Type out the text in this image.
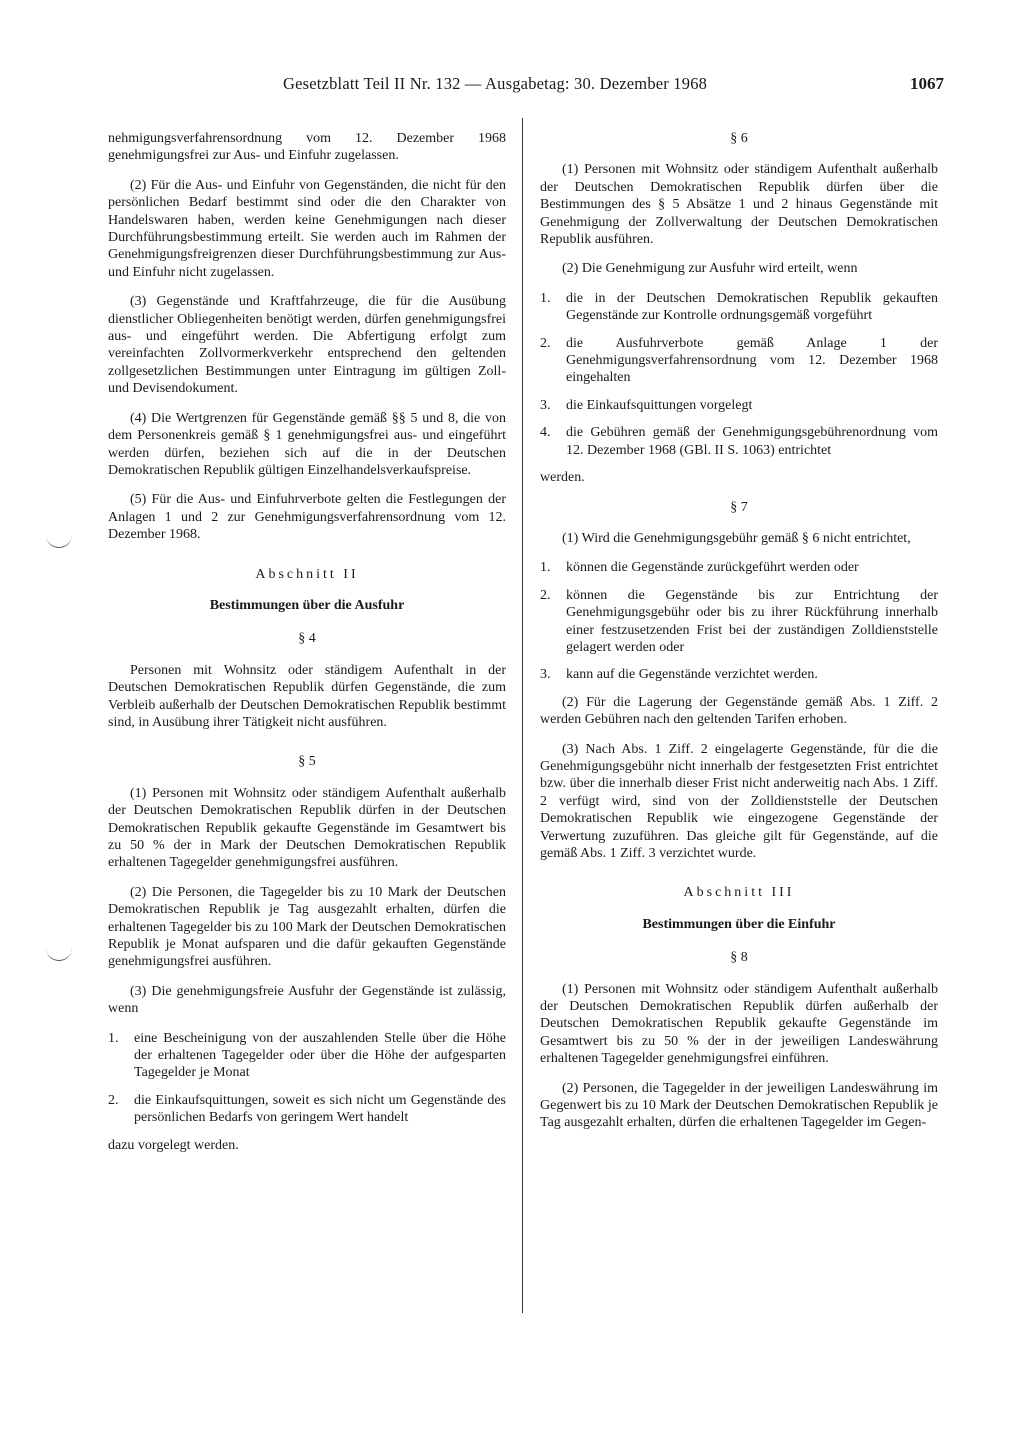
Gesetzblatt Teil II Nr. 132 — Ausgabetag: 30. Dezember 1968	1067

nehmigungsverfahrensordnung vom 12. Dezember 1968 genehmigungsfrei zur Aus- und Einfuhr zugelassen.

(2) Für die Aus- und Einfuhr von Gegenständen, die nicht für den persönlichen Bedarf bestimmt sind oder die den Charakter von Handelswaren haben, werden keine Genehmigungen nach dieser Durchführungsbestimmung erteilt. Sie werden auch im Rahmen der Genehmigungsfreigrenzen dieser Durchführungsbestimmung zur Aus- und Einfuhr nicht zugelassen.

(3) Gegenstände und Kraftfahrzeuge, die für die Ausübung dienstlicher Obliegenheiten benötigt werden, dürfen genehmigungsfrei aus- und eingeführt werden. Die Abfertigung erfolgt zum vereinfachten Zollvormerkverkehr entsprechend den geltenden zollgesetzlichen Bestimmungen unter Eintragung im gültigen Zoll- und Devisendokument.

(4) Die Wertgrenzen für Gegenstände gemäß §§ 5 und 8, die von dem Personenkreis gemäß § 1 genehmigungsfrei aus- und eingeführt werden dürfen, beziehen sich auf die in der Deutschen Demokratischen Republik gültigen Einzelhandelsverkaufspreise.

(5) Für die Aus- und Einfuhrverbote gelten die Festlegungen der Anlagen 1 und 2 zur Genehmigungsverfahrensordnung vom 12. Dezember 1968.

Abschnitt II
Bestimmungen über die Ausfuhr
§ 4

Personen mit Wohnsitz oder ständigem Aufenthalt in der Deutschen Demokratischen Republik dürfen Gegenstände, die zum Verbleib außerhalb der Deutschen Demokratischen Republik bestimmt sind, in Ausübung ihrer Tätigkeit nicht ausführen.

§ 5

(1) Personen mit Wohnsitz oder ständigem Aufenthalt außerhalb der Deutschen Demokratischen Republik dürfen in der Deutschen Demokratischen Republik gekaufte Gegenstände im Gesamtwert bis zu 50 % der in Mark der Deutschen Demokratischen Republik erhaltenen Tagegelder genehmigungsfrei ausführen.

(2) Die Personen, die Tagegelder bis zu 10 Mark der Deutschen Demokratischen Republik je Tag ausgezahlt erhalten, dürfen die erhaltenen Tagegelder bis zu 100 Mark der Deutschen Demokratischen Republik je Monat aufsparen und die dafür gekauften Gegenstände genehmigungsfrei ausführen.

(3) Die genehmigungsfreie Ausfuhr der Gegenstände ist zulässig, wenn

1.	eine Bescheinigung von der auszahlenden Stelle über die Höhe der erhaltenen Tagegelder oder über die Höhe der aufgesparten Tagegelder je Monat
2.	die Einkaufsquittungen, soweit es sich nicht um Gegenstände des persönlichen Bedarfs von geringem Wert handelt

dazu vorgelegt werden.

§ 6

(1) Personen mit Wohnsitz oder ständigem Aufenthalt außerhalb der Deutschen Demokratischen Republik dürfen über die Bestimmungen des § 5 Absätze 1 und 2 hinaus Gegenstände mit Genehmigung der Zollverwaltung der Deutschen Demokratischen Republik ausführen.

(2) Die Genehmigung zur Ausfuhr wird erteilt, wenn

1.	die in der Deutschen Demokratischen Republik gekauften Gegenstände zur Kontrolle ordnungsgemäß vorgeführt
2.	die Ausfuhrverbote gemäß Anlage 1 der Genehmigungsverfahrensordnung vom 12. Dezember 1968 eingehalten
3.	die Einkaufsquittungen vorgelegt
4.	die Gebühren gemäß der Genehmigungsgebührenordnung vom 12. Dezember 1968 (GBl. II S. 1063) entrichtet

werden.

§ 7

(1) Wird die Genehmigungsgebühr gemäß § 6 nicht entrichtet,

1.	können die Gegenstände zurückgeführt werden oder
2.	können die Gegenstände bis zur Entrichtung der Genehmigungsgebühr oder bis zu ihrer Rückführung innerhalb einer festzusetzenden Frist bei der zuständigen Zolldienststelle gelagert werden oder
3.	kann auf die Gegenstände verzichtet werden.

(2) Für die Lagerung der Gegenstände gemäß Abs. 1 Ziff. 2 werden Gebühren nach den geltenden Tarifen erhoben.

(3) Nach Abs. 1 Ziff. 2 eingelagerte Gegenstände, für die die Genehmigungsgebühr nicht innerhalb der festgesetzten Frist entrichtet bzw. über die innerhalb dieser Frist nicht anderweitig nach Abs. 1 Ziff. 2 verfügt wird, sind von der Zolldienststelle der Deutschen Demokratischen Republik wie eingezogene Gegenstände der Verwertung zuzuführen. Das gleiche gilt für Gegenstände, auf die gemäß Abs. 1 Ziff. 3 verzichtet wurde.

Abschnitt III
Bestimmungen über die Einfuhr
§ 8

(1) Personen mit Wohnsitz oder ständigem Aufenthalt außerhalb der Deutschen Demokratischen Republik dürfen außerhalb der Deutschen Demokratischen Republik gekaufte Gegenstände im Gesamtwert bis zu 50 % der in der jeweiligen Landeswährung erhaltenen Tagegelder genehmigungsfrei einführen.

(2) Personen, die Tagegelder in der jeweiligen Landeswährung im Gegenwert bis zu 10 Mark der Deutschen Demokratischen Republik je Tag ausgezahlt erhalten, dürfen die erhaltenen Tagegelder im Gegen-
